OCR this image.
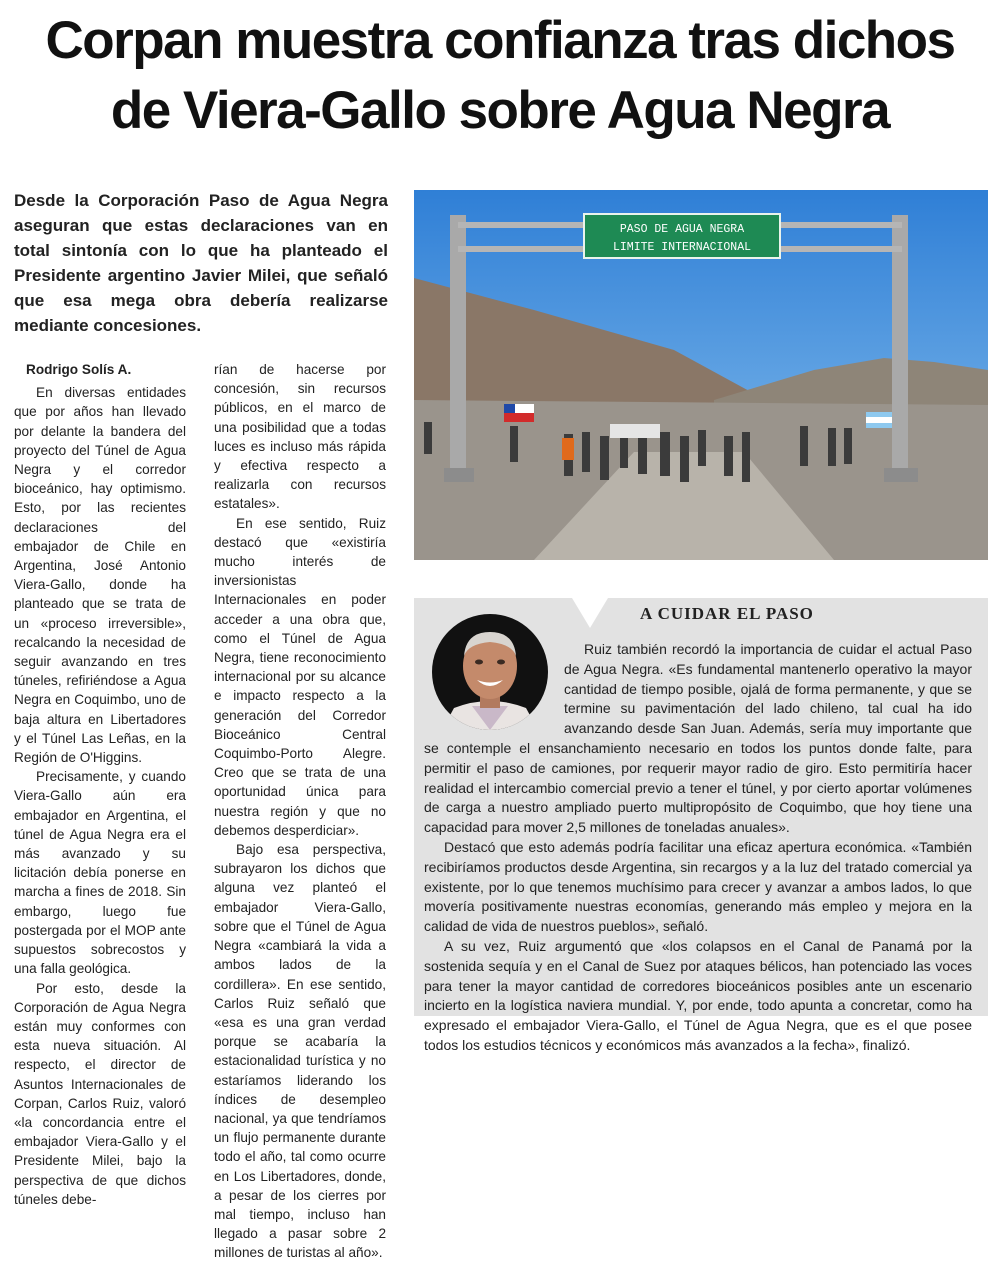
Corpan muestra confianza tras dichos
de Viera-Gallo sobre Agua Negra

Desde la Corporación Paso de Agua Negra aseguran que estas declaraciones van en total sintonía con lo que ha planteado el Presidente argentino Javier Milei, que señaló que esa mega obra debería realizarse mediante concesiones.

Rodrigo Solís A.

En diversas entidades que por años han llevado por delante la bandera del proyecto del Túnel de Agua Negra y el corredor bioceánico, hay optimismo. Esto, por las recientes declaraciones del embajador de Chile en Argentina, José Antonio Viera-Gallo, donde ha planteado que se trata de un «proceso irreversible», recalcando la necesidad de seguir avanzando en tres túneles, refiriéndose a Agua Negra en Coquimbo, uno de baja altura en Libertadores y el Túnel Las Leñas, en la Región de O'Higgins.

Precisamente, y cuando Viera-Gallo aún era embajador en Argentina, el túnel de Agua Negra era el más avanzado y su licitación debía ponerse en marcha a fines de 2018. Sin embargo, luego fue postergada por el MOP ante supuestos sobrecostos y una falla geológica.

Por esto, desde la Corporación de Agua Negra están muy conformes con esta nueva situación. Al respecto, el director de Asuntos Internacionales de Corpan, Carlos Ruiz, valoró «la concordancia entre el embajador Viera-Gallo y el Presidente Milei, bajo la perspectiva de que dichos túneles debe-

rían de hacerse por concesión, sin recursos públicos, en el marco de una posibilidad que a todas luces es incluso más rápida y efectiva respecto a realizarla con recursos estatales».

En ese sentido, Ruiz destacó que «existiría mucho interés de inversionistas Internacionales en poder acceder a una obra que, como el Túnel de Agua Negra, tiene reconocimiento internacional por su alcance e impacto respecto a la generación del Corredor Bioceánico Central Coquimbo-Porto Alegre. Creo que se trata de una oportunidad única para nuestra región y que no debemos desperdiciar».

Bajo esa perspectiva, subrayaron los dichos que alguna vez planteó el embajador Viera-Gallo, sobre que el Túnel de Agua Negra «cambiará la vida a ambos lados de la cordillera». En ese sentido, Carlos Ruiz señaló que «esa es una gran verdad porque se acabaría la estacionalidad turística y no estaríamos liderando los índices de desempleo nacional, ya que tendríamos un flujo permanente durante todo el año, tal como ocurre en Los Libertadores, donde, a pesar de los cierres por mal tiempo, incluso han llegado a pasar sobre 2 millones de turistas al año».

PASO DE AGUA NEGRA
LIMITE INTERNACIONAL
A CUIDAR EL PASO

Ruiz también recordó la importancia de cuidar el actual Paso de Agua Negra. «Es fundamental mantenerlo operativo la mayor cantidad de tiempo posible, ojalá de forma permanente, y que se termine su pavimentación del lado chileno, tal cual ha ido avanzando desde San Juan. Además, sería muy importante que se contemple el ensanchamiento necesario en todos los puntos donde falte, para permitir el paso de camiones, por requerir mayor radio de giro. Esto permitiría hacer realidad el intercambio comercial previo a tener el túnel, y por cierto aportar volúmenes de carga a nuestro ampliado puerto multipropósito de Coquimbo, que hoy tiene una capacidad para mover 2,5 millones de toneladas anuales».

Destacó que esto además podría facilitar una eficaz apertura económica. «También recibiríamos productos desde Argentina, sin recargos y a la luz del tratado comercial ya existente, por lo que tenemos muchísimo para crecer y avanzar a ambos lados, lo que movería positivamente nuestras economías, generando más empleo y mejora en la calidad de vida de nuestros pueblos», señaló.

A su vez, Ruiz argumentó que «los colapsos en el Canal de Panamá por la sostenida sequía y en el Canal de Suez por ataques bélicos, han potenciado las voces para tener la mayor cantidad de corredores bioceánicos posibles ante un escenario incierto en la logística naviera mundial. Y, por ende, todo apunta a concretar, como ha expresado el embajador Viera-Gallo, el Túnel de Agua Negra, que es el que posee todos los estudios técnicos y económicos más avanzados a la fecha», finalizó.
